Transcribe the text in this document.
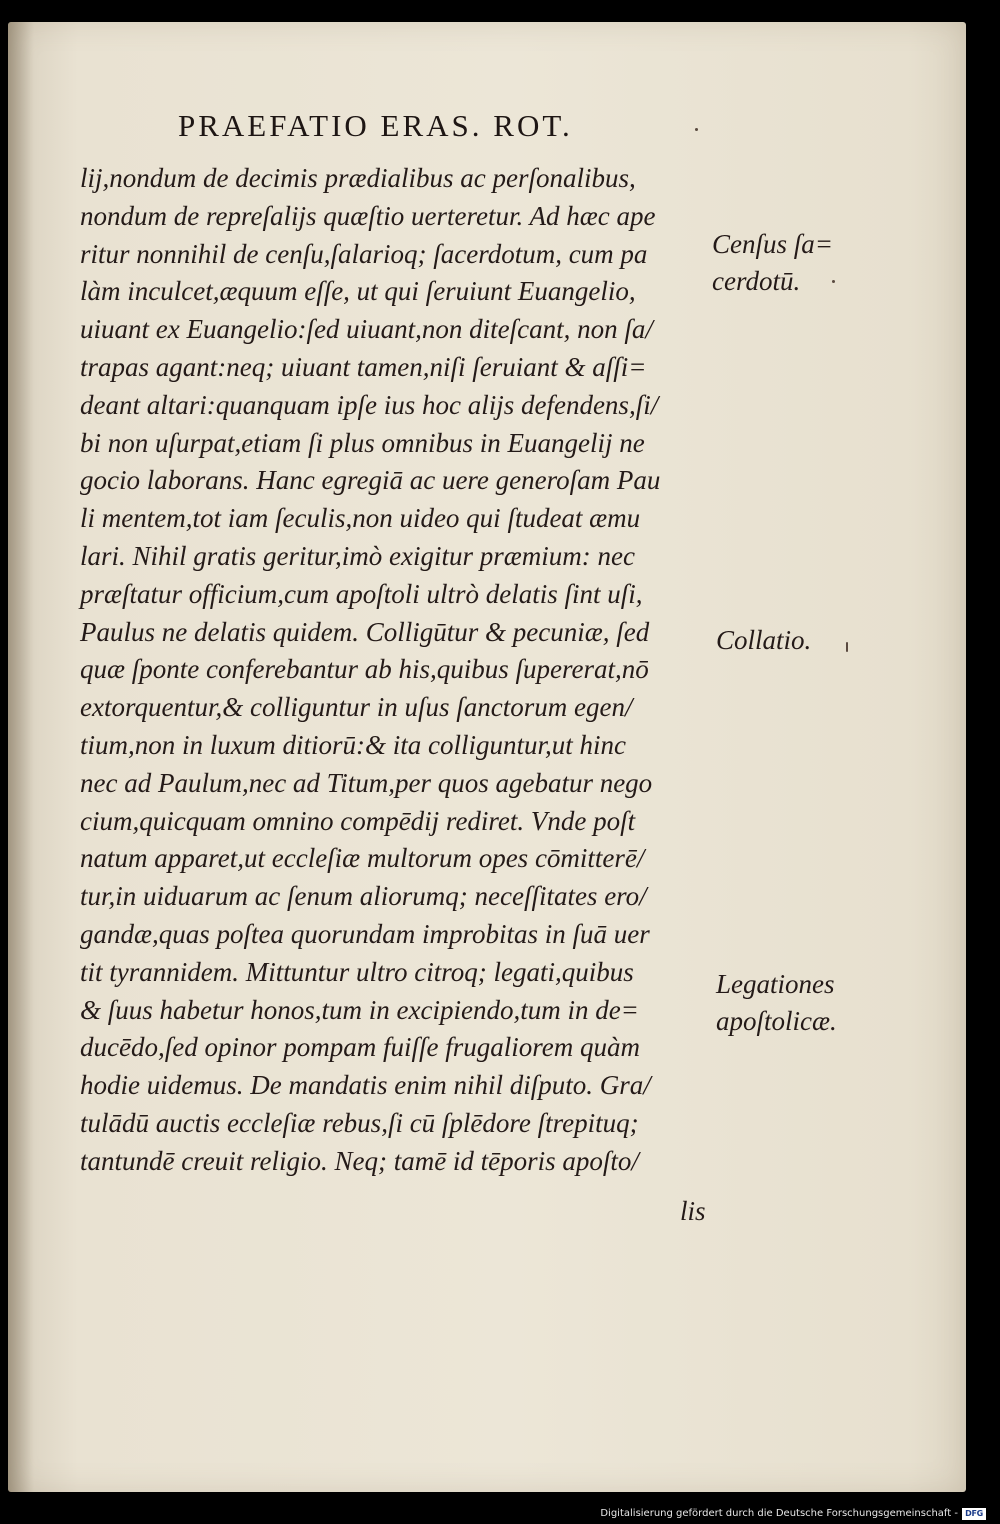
PRAEFATIO ERAS. ROT.
lij,nondum de decimis prædialibus ac perſonalibus,
nondum de repreſalijs quæſtio uerteretur. Ad hæc ape
ritur nonnihil de cenſu,ſalarioq; ſacerdotum, cum pa
làm inculcet,æquum eſſe, ut qui ſeruiunt Euangelio,
uiuant ex Euangelio:ſed uiuant,non diteſcant, non ſa/
trapas agant:neq; uiuant tamen,niſi ſeruiant & aſſi=
deant altari:quanquam ipſe ius hoc alijs defendens,ſi/
bi non uſurpat,etiam ſi plus omnibus in Euangelij ne
gocio laborans. Hanc egregiā ac uere generoſam Pau
li mentem,tot iam ſeculis,non uideo qui ſtudeat æmu
lari. Nihil gratis geritur,imò exigitur præmium: nec
præſtatur officium,cum apoſtoli ultrò delatis ſint uſi,
Paulus ne delatis quidem. Colligūtur & pecuniæ, ſed
quæ ſponte conferebantur ab his,quibus ſupererat,nō
extorquentur,& colliguntur in uſus ſanctorum egen/
tium,non in luxum ditiorū:& ita colliguntur,ut hinc
nec ad Paulum,nec ad Titum,per quos agebatur nego
cium,quicquam omnino compēdij rediret. Vnde poſt
natum apparet,ut eccleſiæ multorum opes cōmitterē/
tur,in uiduarum ac ſenum aliorumq; neceſſitates ero/
gandæ,quas poſtea quorundam improbitas in ſuā uer
tit tyrannidem. Mittuntur ultro citroq; legati,quibus
& ſuus habetur honos,tum in excipiendo,tum in de=
ducēdo,ſed opinor pompam fuiſſe frugaliorem quàm
hodie uidemus. De mandatis enim nihil diſputo. Gra/
tulādū auctis eccleſiæ rebus,ſi cū ſplēdore ſtrepituq;
tantundē creuit religio. Neq; tamē id tēporis apoſto/
Cenſus ſa=
cerdotū.
Collatio.
Legationes
apoſtolicæ.
lis
Digitalisierung gefördert durch die Deutsche Forschungsgemeinschaft - DFG
